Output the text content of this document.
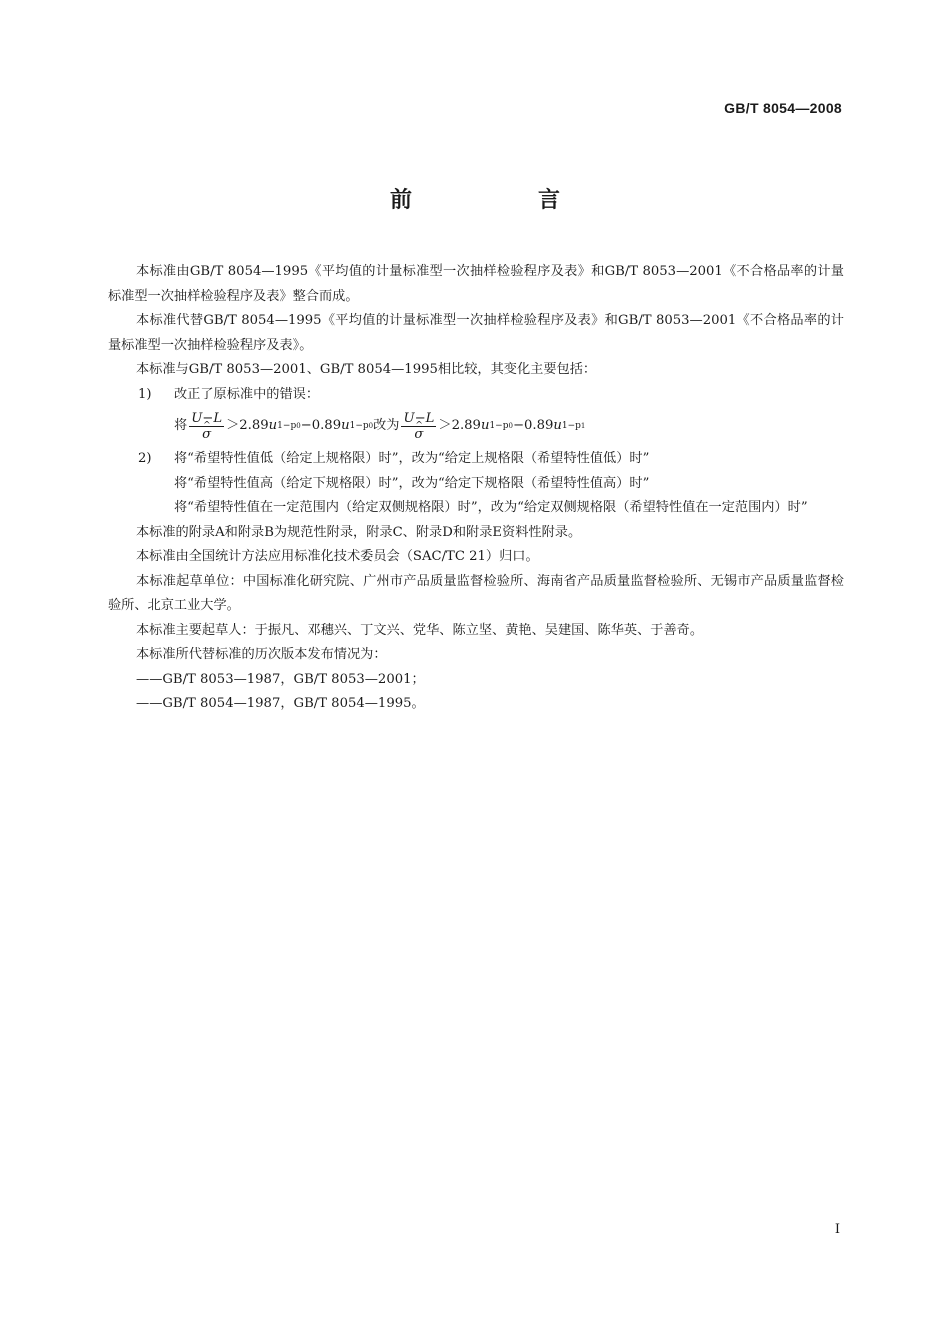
GB/T 8054—2008
前　言

本标准由GB/T 8054—1995《平均值的计量标准型一次抽样检验程序及表》和GB/T 8053—2001《不合格品率的计量标准型一次抽样检验程序及表》整合而成。

本标准代替GB/T 8054—1995《平均值的计量标准型一次抽样检验程序及表》和GB/T 8053—2001《不合格品率的计量标准型一次抽样检验程序及表》。

本标准与GB/T 8053—2001、GB/T 8054—1995相比较，其变化主要包括：

1)	改正了原标准中的错误：
将 U−L
^ σ ＞2.89 u 1−p0 −0.89 u 1−p0 改为 U−L
^ σ ＞2.89 u 1−p0 −0.89 u 1−p1
2)	将“希望特性值低（给定上规格限）时”，改为“给定上规格限（希望特性值低）时”

将“希望特性值高（给定下规格限）时”，改为“给定下规格限（希望特性值高）时”

将“希望特性值在一定范围内（给定双侧规格限）时”，改为“给定双侧规格限（希望特性值在一定范围内）时”

本标准的附录A和附录B为规范性附录，附录C、附录D和附录E资料性附录。

本标准由全国统计方法应用标准化技术委员会（SAC/TC 21）归口。

本标准起草单位：中国标准化研究院、广州市产品质量监督检验所、海南省产品质量监督检验所、无锡市产品质量监督检验所、北京工业大学。

本标准主要起草人：于振凡、邓穗兴、丁文兴、党华、陈立坚、黄艳、吴建国、陈华英、于善奇。

本标准所代替标准的历次版本发布情况为：

——GB/T 8053—1987，GB/T 8053—2001；

——GB/T 8054—1987，GB/T 8054—1995。

I
